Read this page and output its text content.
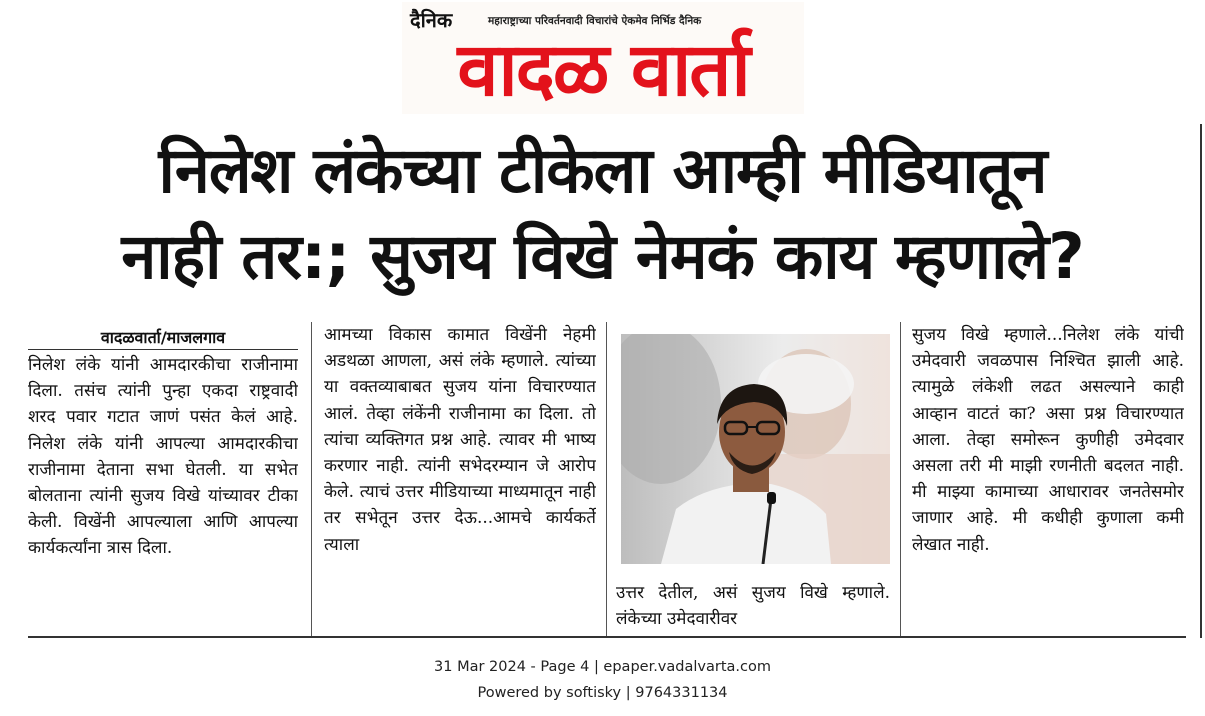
दैनिक	महाराष्ट्राच्या परिवर्तनवादी विचारांचे ऐकमेव निर्भिड दैनिक
वादळ वार्ता
निलेश लंकेच्या टीकेला आम्ही मीडियातून
नाही तर:; सुजय विखे नेमकं काय म्हणाले?
वादळवार्ता/माजलगाव
निलेश लंके यांनी आमदारकीचा राजीनामा दिला. तसंच त्यांनी पुन्हा एकदा राष्ट्रवादी शरद पवार गटात जाणं पसंत केलं आहे. निलेश लंके यांनी आपल्या आमदारकीचा राजीनामा देताना सभा घेतली. या सभेत बोलताना त्यांनी सुजय विखे यांच्यावर टीका केली. विखेंनी आपल्याला आणि आपल्या कार्यकर्त्यांना त्रास दिला.
आमच्या विकास कामात विखेंनी नेहमी अडथळा आणला, असं लंके म्हणाले. त्यांच्या या वक्तव्याबाबत सुजय यांना विचारण्यात आलं. तेव्हा लंकेंनी राजीनामा का दिला. तो त्यांचा व्यक्तिगत प्रश्न आहे. त्यावर मी भाष्य करणार नाही. त्यांनी सभेदरम्यान जे आरोप केले. त्याचं उत्तर मीडियाच्या माध्यमातून नाही तर सभेतून उत्तर देऊ...आमचे कार्यकर्ते त्याला
उत्तर देतील, असं सुजय विखे म्हणाले. लंकेच्या उमेदवारीवर
सुजय विखे म्हणाले...निलेश लंके यांची उमेदवारी जवळपास निश्चित झाली आहे. त्यामुळे लंकेशी लढत असल्याने काही आव्हान वाटतं का? असा प्रश्न विचारण्यात आला. तेव्हा समोरून कुणीही उमेदवार असला तरी मी माझी रणनीती बदलत नाही. मी माझ्या कामाच्या आधारावर जनतेसमोर जाणार आहे. मी कधीही कुणाला कमी लेखात नाही.
31 Mar 2024 - Page 4 | epaper.vadalvarta.com
Powered by softisky | 9764331134
